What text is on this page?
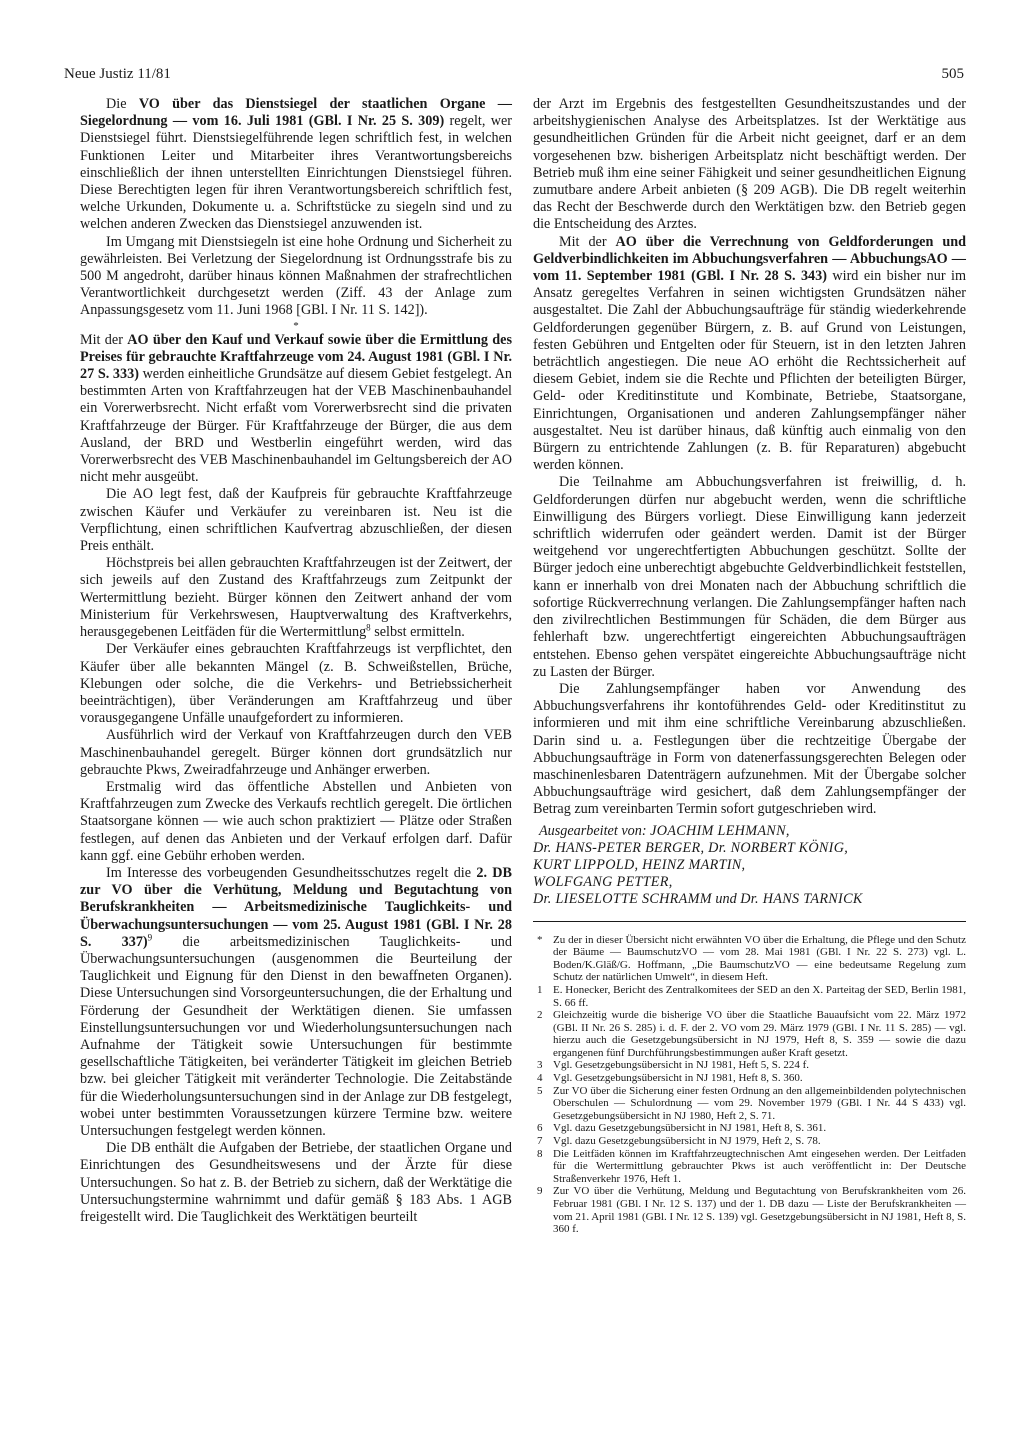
Neue Justiz 11/81	505

Die VO über das Dienstsiegel der staatlichen Organe — Siegelordnung — vom 16. Juli 1981 (GBl. I Nr. 25 S. 309) regelt, wer Dienstsiegel führt. Dienstsiegelführende legen schriftlich fest, in welchen Funktionen Leiter und Mitarbeiter ihres Verantwortungsbereichs einschließlich der ihnen unterstellten Einrichtungen Dienstsiegel führen. Diese Berechtigten legen für ihren Verantwortungsbereich schriftlich fest, welche Urkunden, Dokumente u. a. Schriftstücke zu siegeln sind und zu welchen anderen Zwecken das Dienstsiegel anzuwenden ist.

Im Umgang mit Dienstsiegeln ist eine hohe Ordnung und Sicherheit zu gewährleisten. Bei Verletzung der Siegelordnung ist Ordnungsstrafe bis zu 500 M angedroht, darüber hinaus können Maßnahmen der strafrechtlichen Verantwortlichkeit durchgesetzt werden (Ziff. 43 der Anlage zum Anpassungsgesetz vom 11. Juni 1968 [GBl. I Nr. 11 S. 142]).

*

Mit der AO über den Kauf und Verkauf sowie über die Ermittlung des Preises für gebrauchte Kraftfahrzeuge vom 24. August 1981 (GBl. I Nr. 27 S. 333) werden einheitliche Grundsätze auf diesem Gebiet festgelegt. An bestimmten Arten von Kraftfahrzeugen hat der VEB Maschinenbauhandel ein Vorerwerbsrecht. Nicht erfaßt vom Vorerwerbsrecht sind die privaten Kraftfahrzeuge der Bürger. Für Kraftfahrzeuge der Bürger, die aus dem Ausland, der BRD und Westberlin eingeführt werden, wird das Vorerwerbsrecht des VEB Maschinenbauhandel im Geltungsbereich der AO nicht mehr ausgeübt.

Die AO legt fest, daß der Kaufpreis für gebrauchte Kraftfahrzeuge zwischen Käufer und Verkäufer zu vereinbaren ist. Neu ist die Verpflichtung, einen schriftlichen Kaufvertrag abzuschließen, der diesen Preis enthält.

Höchstpreis bei allen gebrauchten Kraftfahrzeugen ist der Zeitwert, der sich jeweils auf den Zustand des Kraftfahrzeugs zum Zeitpunkt der Wertermittlung bezieht. Bürger können den Zeitwert anhand der vom Ministerium für Verkehrswesen, Hauptverwaltung des Kraftverkehrs, herausgegebenen Leitfäden für die Wertermittlung$^8$ selbst ermitteln.

Der Verkäufer eines gebrauchten Kraftfahrzeugs ist verpflichtet, den Käufer über alle bekannten Mängel (z. B. Schweißstellen, Brüche, Klebungen oder solche, die die Verkehrs- und Betriebssicherheit beeinträchtigen), über Veränderungen am Kraftfahrzeug und über vorausgegangene Unfälle unaufgefordert zu informieren.

Ausführlich wird der Verkauf von Kraftfahrzeugen durch den VEB Maschinenbauhandel geregelt. Bürger können dort grundsätzlich nur gebrauchte Pkws, Zweiradfahrzeuge und Anhänger erwerben.

Erstmalig wird das öffentliche Abstellen und Anbieten von Kraftfahrzeugen zum Zwecke des Verkaufs rechtlich geregelt. Die örtlichen Staatsorgane können — wie auch schon praktiziert — Plätze oder Straßen festlegen, auf denen das Anbieten und der Verkauf erfolgen darf. Dafür kann ggf. eine Gebühr erhoben werden.

Im Interesse des vorbeugenden Gesundheitsschutzes regelt die 2. DB zur VO über die Verhütung, Meldung und Begutachtung von Berufskrankheiten — Arbeitsmedizinische Tauglichkeits- und Überwachungsuntersuchungen — vom 25. August 1981 (GBl. I Nr. 28 S. 337)$^9$ die arbeitsmedizinischen Tauglichkeits- und Überwachungsuntersuchungen (ausgenommen die Beurteilung der Tauglichkeit und Eignung für den Dienst in den bewaffneten Organen). Diese Untersuchungen sind Vorsorgeuntersuchungen, die der Erhaltung und Förderung der Gesundheit der Werktätigen dienen. Sie umfassen Einstellungsuntersuchungen vor und Wiederholungsuntersuchungen nach Aufnahme der Tätigkeit sowie Untersuchungen für bestimmte gesellschaftliche Tätigkeiten, bei veränderter Tätigkeit im gleichen Betrieb bzw. bei gleicher Tätigkeit mit veränderter Technologie. Die Zeitabstände für die Wiederholungsuntersuchungen sind in der Anlage zur DB festgelegt, wobei unter bestimmten Voraussetzungen kürzere Termine bzw. weitere Untersuchungen festgelegt werden können.

Die DB enthält die Aufgaben der Betriebe, der staatlichen Organe und Einrichtungen des Gesundheitswesens und der Ärzte für diese Untersuchungen. So hat z. B. der Betrieb zu sichern, daß der Werktätige die Untersuchungstermine wahrnimmt und dafür gemäß § 183 Abs. 1 AGB freigestellt wird. Die Tauglichkeit des Werktätigen beurteilt

der Arzt im Ergebnis des festgestellten Gesundheitszustandes und der arbeitshygienischen Analyse des Arbeitsplatzes. Ist der Werktätige aus gesundheitlichen Gründen für die Arbeit nicht geeignet, darf er an dem vorgesehenen bzw. bisherigen Arbeitsplatz nicht beschäftigt werden. Der Betrieb muß ihm eine seiner Fähigkeit und seiner gesundheitlichen Eignung zumutbare andere Arbeit anbieten (§ 209 AGB). Die DB regelt weiterhin das Recht der Beschwerde durch den Werktätigen bzw. den Betrieb gegen die Entscheidung des Arztes.

Mit der AO über die Verrechnung von Geldforderungen und Geldverbindlichkeiten im Abbuchungsverfahren — AbbuchungsAO — vom 11. September 1981 (GBl. I Nr. 28 S. 343) wird ein bisher nur im Ansatz geregeltes Verfahren in seinen wichtigsten Grundsätzen näher ausgestaltet. Die Zahl der Abbuchungsaufträge für ständig wiederkehrende Geldforderungen gegenüber Bürgern, z. B. auf Grund von Leistungen, festen Gebühren und Entgelten oder für Steuern, ist in den letzten Jahren beträchtlich angestiegen. Die neue AO erhöht die Rechtssicherheit auf diesem Gebiet, indem sie die Rechte und Pflichten der beteiligten Bürger, Geld- oder Kreditinstitute und Kombinate, Betriebe, Staatsorgane, Einrichtungen, Organisationen und anderen Zahlungsempfänger näher ausgestaltet. Neu ist darüber hinaus, daß künftig auch einmalig von den Bürgern zu entrichtende Zahlungen (z. B. für Reparaturen) abgebucht werden können.

Die Teilnahme am Abbuchungsverfahren ist freiwillig, d. h. Geldforderungen dürfen nur abgebucht werden, wenn die schriftliche Einwilligung des Bürgers vorliegt. Diese Einwilligung kann jederzeit schriftlich widerrufen oder geändert werden. Damit ist der Bürger weitgehend vor ungerechtfertigten Abbuchungen geschützt. Sollte der Bürger jedoch eine unberechtigt abgebuchte Geldverbindlichkeit feststellen, kann er innerhalb von drei Monaten nach der Abbuchung schriftlich die sofortige Rückverrechnung verlangen. Die Zahlungsempfänger haften nach den zivilrechtlichen Bestimmungen für Schäden, die dem Bürger aus fehlerhaft bzw. ungerechtfertigt eingereichten Abbuchungsaufträgen entstehen. Ebenso gehen verspätet eingereichte Abbuchungsaufträge nicht zu Lasten der Bürger.

Die Zahlungsempfänger haben vor Anwendung des Abbuchungsverfahrens ihr kontoführendes Geld- oder Kreditinstitut zu informieren und mit ihm eine schriftliche Vereinbarung abzuschließen. Darin sind u. a. Festlegungen über die rechtzeitige Übergabe der Abbuchungsaufträge in Form von datenerfassungsgerechten Belegen oder maschinenlesbaren Datenträgern aufzunehmen. Mit der Übergabe solcher Abbuchungsaufträge wird gesichert, daß dem Zahlungsempfänger der Betrag zum vereinbarten Termin sofort gutgeschrieben wird.

Ausgearbeitet von: JOACHIM LEHMANN,
Dr. HANS-PETER BERGER, Dr. NORBERT KÖNIG,
KURT LIPPOLD, HEINZ MARTIN,
WOLFGANG PETTER,
Dr. LIESELOTTE SCHRAMM und Dr. HANS TARNICK
* Zu der in dieser Übersicht nicht erwähnten VO über die Erhaltung, die Pflege und den Schutz der Bäume — BaumschutzVO — vom 28. Mai 1981 (GBl. I Nr. 22 S. 273) vgl. L. Boden/K.Gläß/G. Hoffmann, „Die BaumschutzVO — eine bedeutsame Regelung zum Schutz der natürlichen Umwelt“, in diesem Heft.
1 E. Honecker, Bericht des Zentralkomitees der SED an den X. Parteitag der SED, Berlin 1981, S. 66 ff.
2 Gleichzeitig wurde die bisherige VO über die Staatliche Bauaufsicht vom 22. März 1972 (GBl. II Nr. 26 S. 285) i. d. F. der 2. VO vom 29. März 1979 (GBl. I Nr. 11 S. 285) — vgl. hierzu auch die Gesetzgebungsübersicht in NJ 1979, Heft 8, S. 359 — sowie die dazu ergangenen fünf Durchführungsbestimmungen außer Kraft gesetzt.
3 Vgl. Gesetzgebungsübersicht in NJ 1981, Heft 5, S. 224 f.
4 Vgl. Gesetzgebungsübersicht in NJ 1981, Heft 8, S. 360.
5 Zur VO über die Sicherung einer festen Ordnung an den allgemeinbildenden polytechnischen Oberschulen — Schulordnung — vom 29. November 1979 (GBl. I Nr. 44 S 433) vgl. Gesetzgebungsübersicht in NJ 1980, Heft 2, S. 71.
6 Vgl. dazu Gesetzgebungsübersicht in NJ 1981, Heft 8, S. 361.
7 Vgl. dazu Gesetzgebungsübersicht in NJ 1979, Heft 2, S. 78.
8 Die Leitfäden können im Kraftfahrzeugtechnischen Amt eingesehen werden. Der Leitfaden für die Wertermittlung gebrauchter Pkws ist auch veröffentlicht in: Der Deutsche Straßenverkehr 1976, Heft 1.
9 Zur VO über die Verhütung, Meldung und Begutachtung von Berufskrankheiten vom 26. Februar 1981 (GBl. I Nr. 12 S. 137) und der 1. DB dazu — Liste der Berufskrankheiten — vom 21. April 1981 (GBl. I Nr. 12 S. 139) vgl. Gesetzgebungsübersicht in NJ 1981, Heft 8, S. 360 f.
